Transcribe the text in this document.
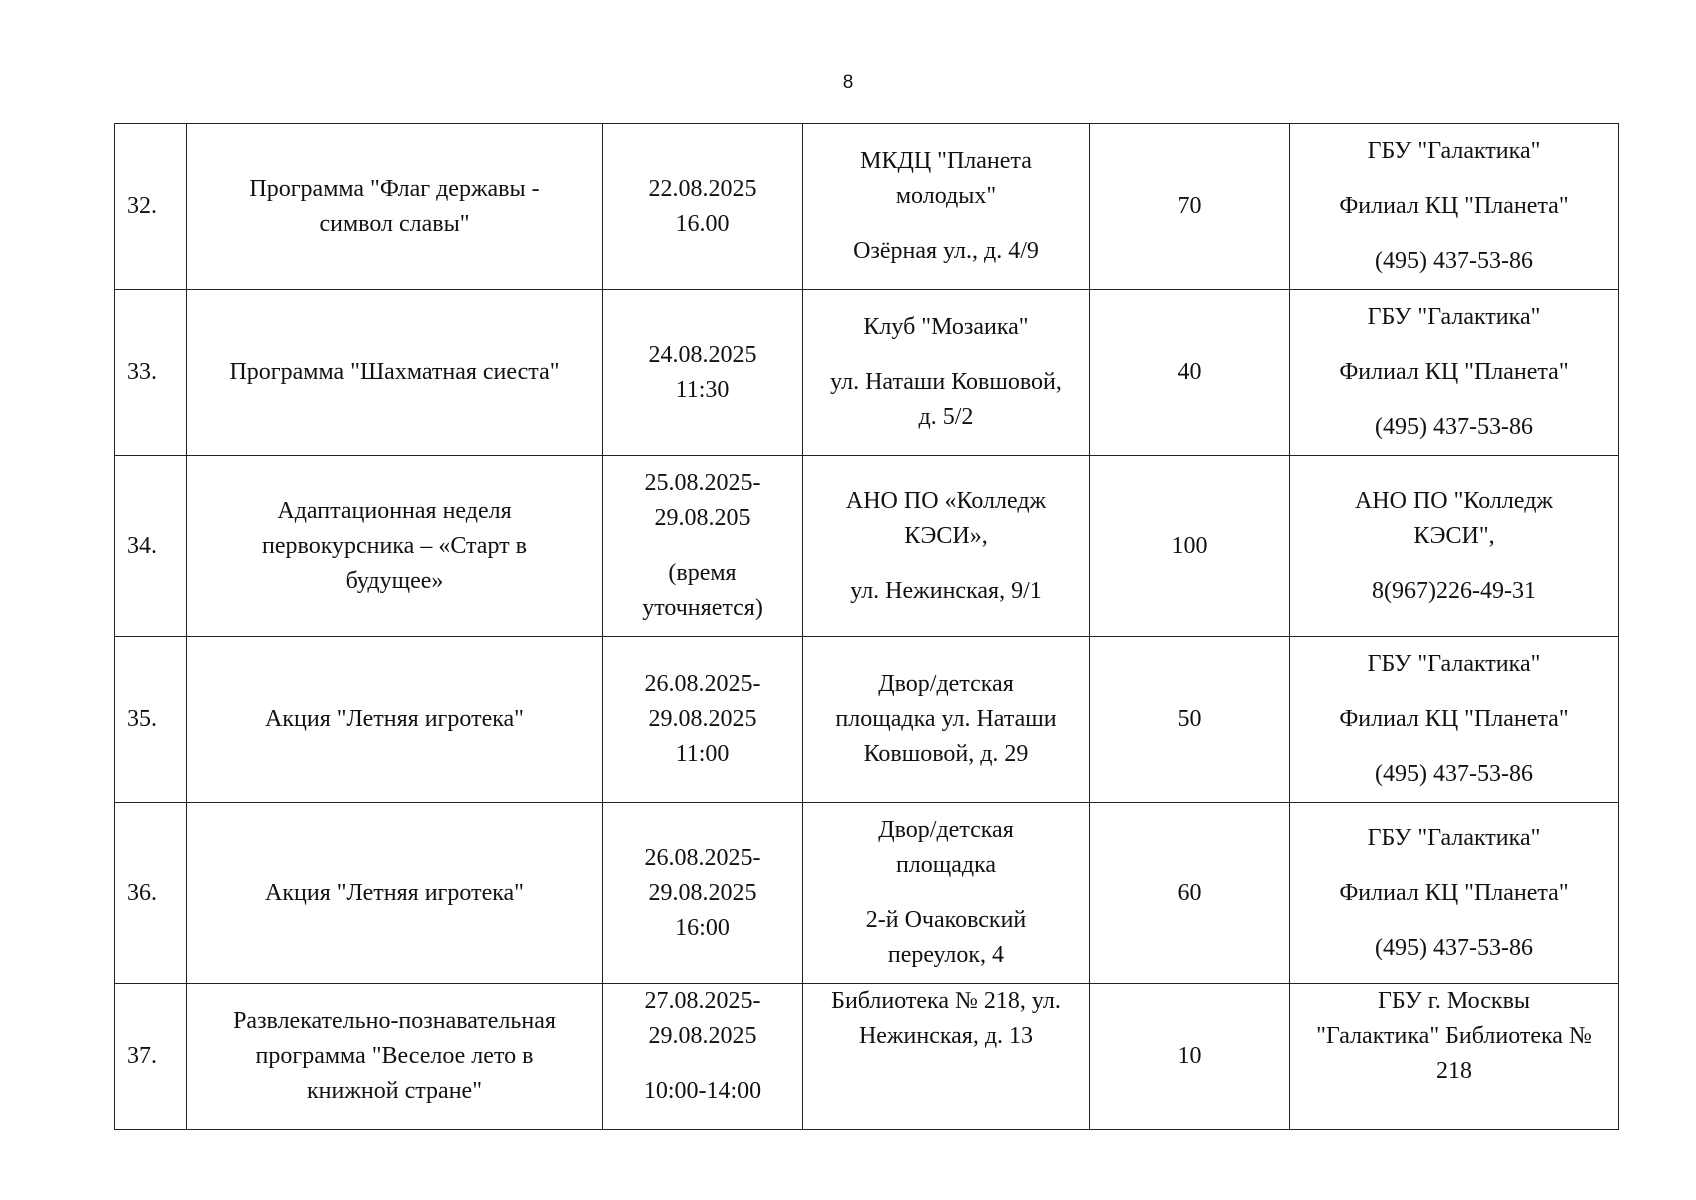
8
32.	Программа "Флаг державы -
символ славы"	22.08.2025
16.00	МКДЦ "Планета
молодых"
Озёрная ул., д. 4/9	70	ГБУ "Галактика"
Филиал КЦ "Планета"
(495) 437-53-86

33.	Программа "Шахматная сиеста"	24.08.2025
11:30	Клуб "Мозаика"
ул. Наташи Ковшовой,
д. 5/2	40	ГБУ "Галактика"
Филиал КЦ "Планета"
(495) 437-53-86

34.	Адаптационная неделя
первокурсника – «Старт в
будущее»	25.08.2025-
29.08.205
(время
уточняется)	АНО ПО «Колледж
КЭСИ»,
ул. Нежинская, 9/1	100	АНО ПО "Колледж
КЭСИ",
8(967)226-49-31

35.	Акция "Летняя игротека"	26.08.2025-
29.08.2025
11:00	Двор/детская
площадка ул. Наташи
Ковшовой, д. 29	50	ГБУ "Галактика"
Филиал КЦ "Планета"
(495) 437-53-86

36.	Акция "Летняя игротека"	26.08.2025-
29.08.2025
16:00	Двор/детская
площадка
2-й Очаковский
переулок, 4	60	ГБУ "Галактика"
Филиал КЦ "Планета"
(495) 437-53-86

37.	Развлекательно-познавательная
программа "Веселое лето в
книжной стране"	27.08.2025-
29.08.2025
10:00-14:00	Библиотека № 218, ул.
Нежинская, д. 13	10	ГБУ г. Москвы
"Галактика" Библиотека №
218
